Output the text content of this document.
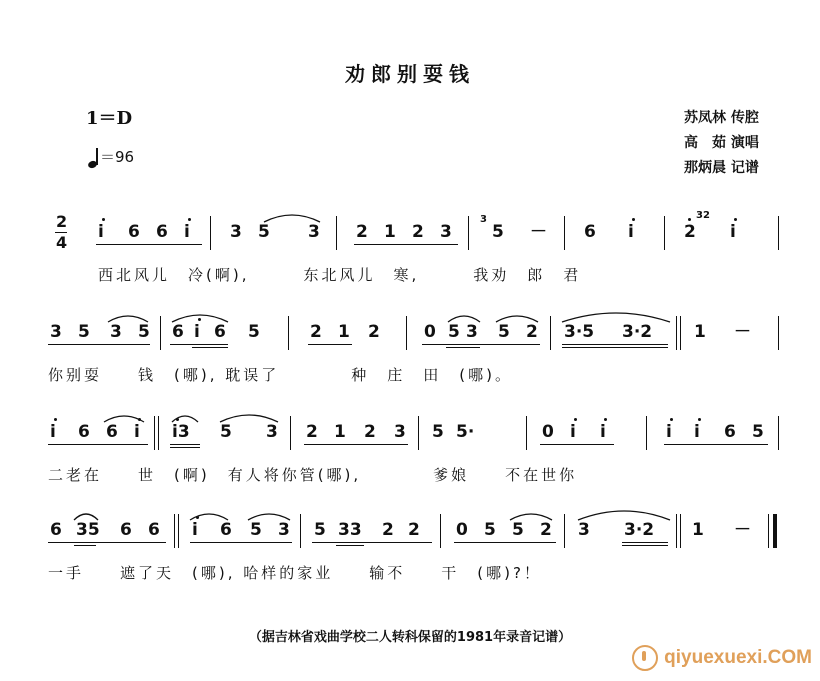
劝郎别耍钱
1＝D
＝96
苏凤林 传腔
高　茹 演唱
那炳晨 记谱
2
4
i 6 6 i 3 5 3 2 1 2 3
3
5 － 6 i
32
2 i
西北风儿　冷(啊),　　　东北风儿　寒,　　　我劝　郎　君
3 5 3 5 6 i 6 5	2 1 2	0 5 3 5 2 3·5 3·2 1 －
你别耍　　钱　(哪), 耽误了　　　　种　庄　田　(哪)。
i 6 6 i i3 5 3 2 1 2 3 5 5·	0 i i	i i 6 5
二老在　　世　(啊)　有人将你管(哪),　　　　爹娘　　不在世你
6 35 6 6 i 6 5 3 5 33 2 2 0 5 5 2 3 3·2 1 －
一手　　遮了天　(哪), 哈样的家业　　输不　　干　(哪)?！
（据吉林省戏曲学校二人转科保留的1981年录音记谱）
qiyuexuexi.COM
